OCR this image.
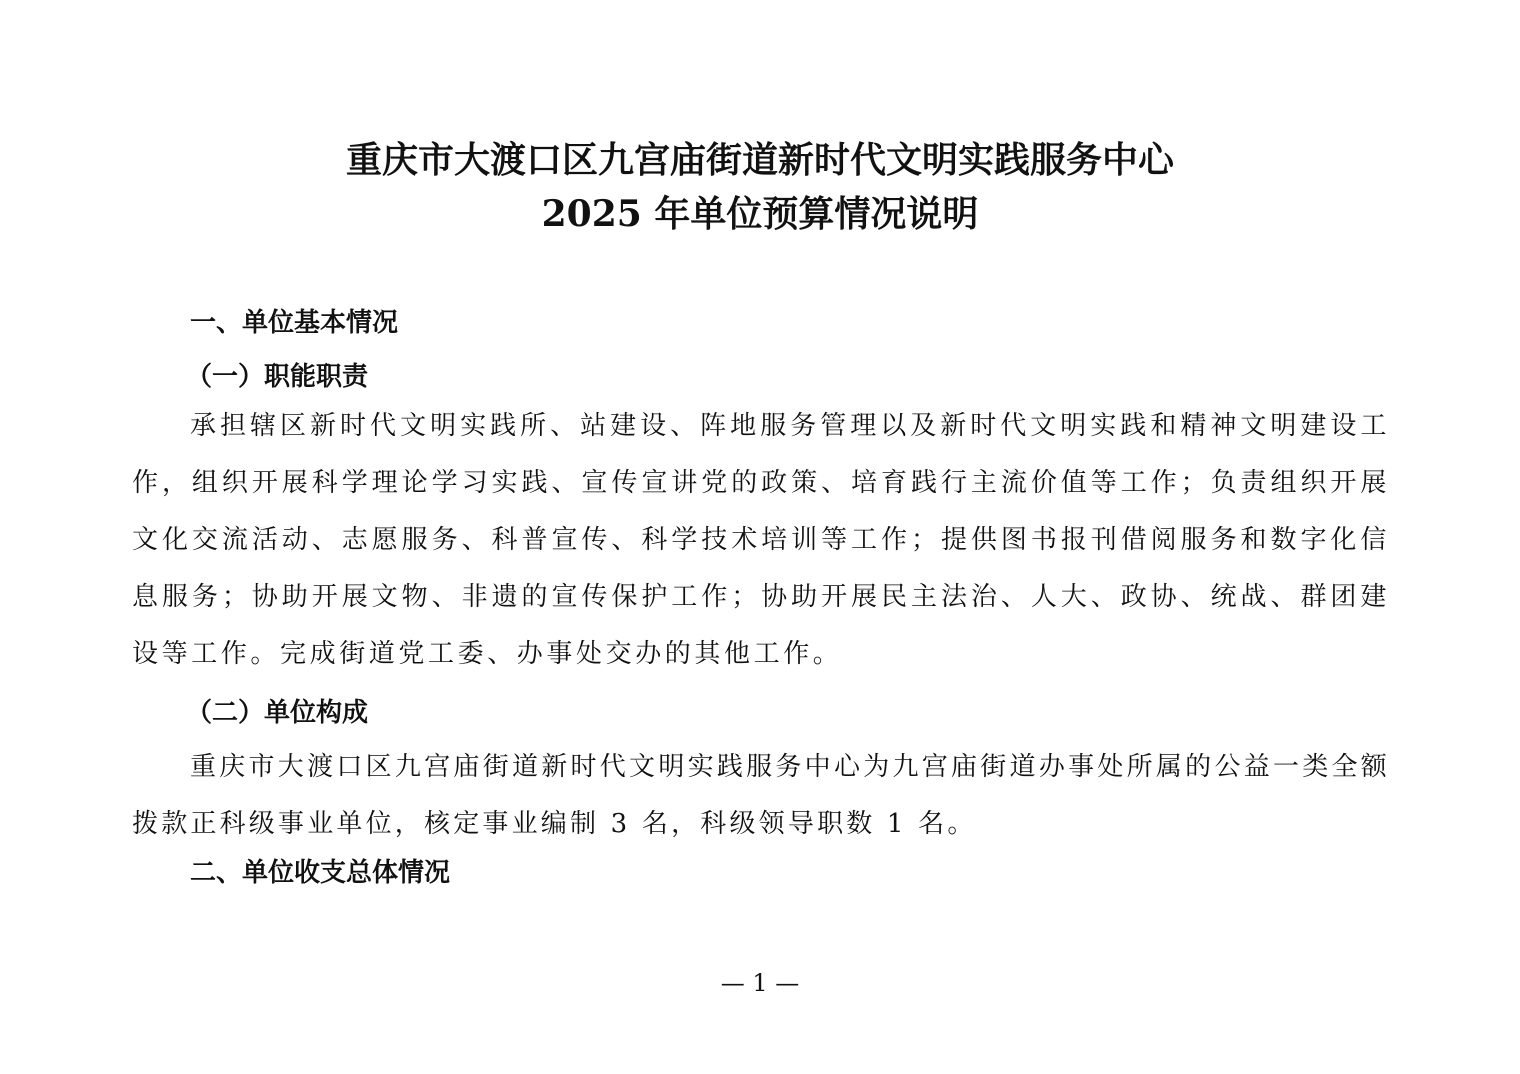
重庆市大渡口区九宫庙街道新时代文明实践服务中心
2025 年单位预算情况说明
一、单位基本情况
（一）职能职责

承担辖区新时代文明实践所、站建设、阵地服务管理以及新时代文明实践和精神文明建设工作，组织开展科学理论学习实践、宣传宣讲党的政策、培育践行主流价值等工作；负责组织开展文化交流活动、志愿服务、科普宣传、科学技术培训等工作；提供图书报刊借阅服务和数字化信息服务；协助开展文物、非遗的宣传保护工作；协助开展民主法治、人大、政协、统战、群团建设等工作。完成街道党工委、办事处交办的其他工作。

（二）单位构成

重庆市大渡口区九宫庙街道新时代文明实践服务中心为九宫庙街道办事处所属的公益一类全额拨款正科级事业单位，核定事业编制 3 名，科级领导职数 1 名。

二、单位收支总体情况
— 1 —
